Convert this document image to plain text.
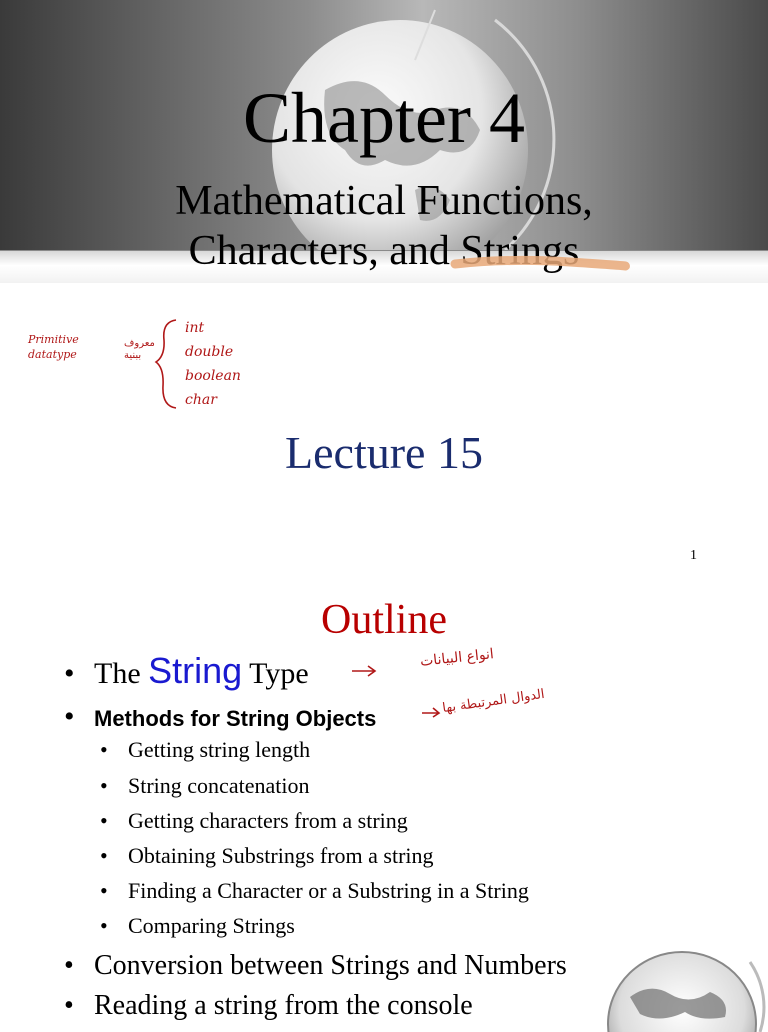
Chapter 4
Mathematical Functions,
Characters, and Strings
Primitive datatype
معروف ببنية
int
double
boolean
char
Lecture 15
1
Outline
• The String Type
• Methods for String Objects
• Getting string length
• String concatenation
• Getting characters from a string
• Obtaining Substrings from a string
• Finding a Character or a Substring in a String
• Comparing Strings
• Conversion between Strings and Numbers
• Reading a string from the console
انواع البيانات
الدوال المرتبطة بها
